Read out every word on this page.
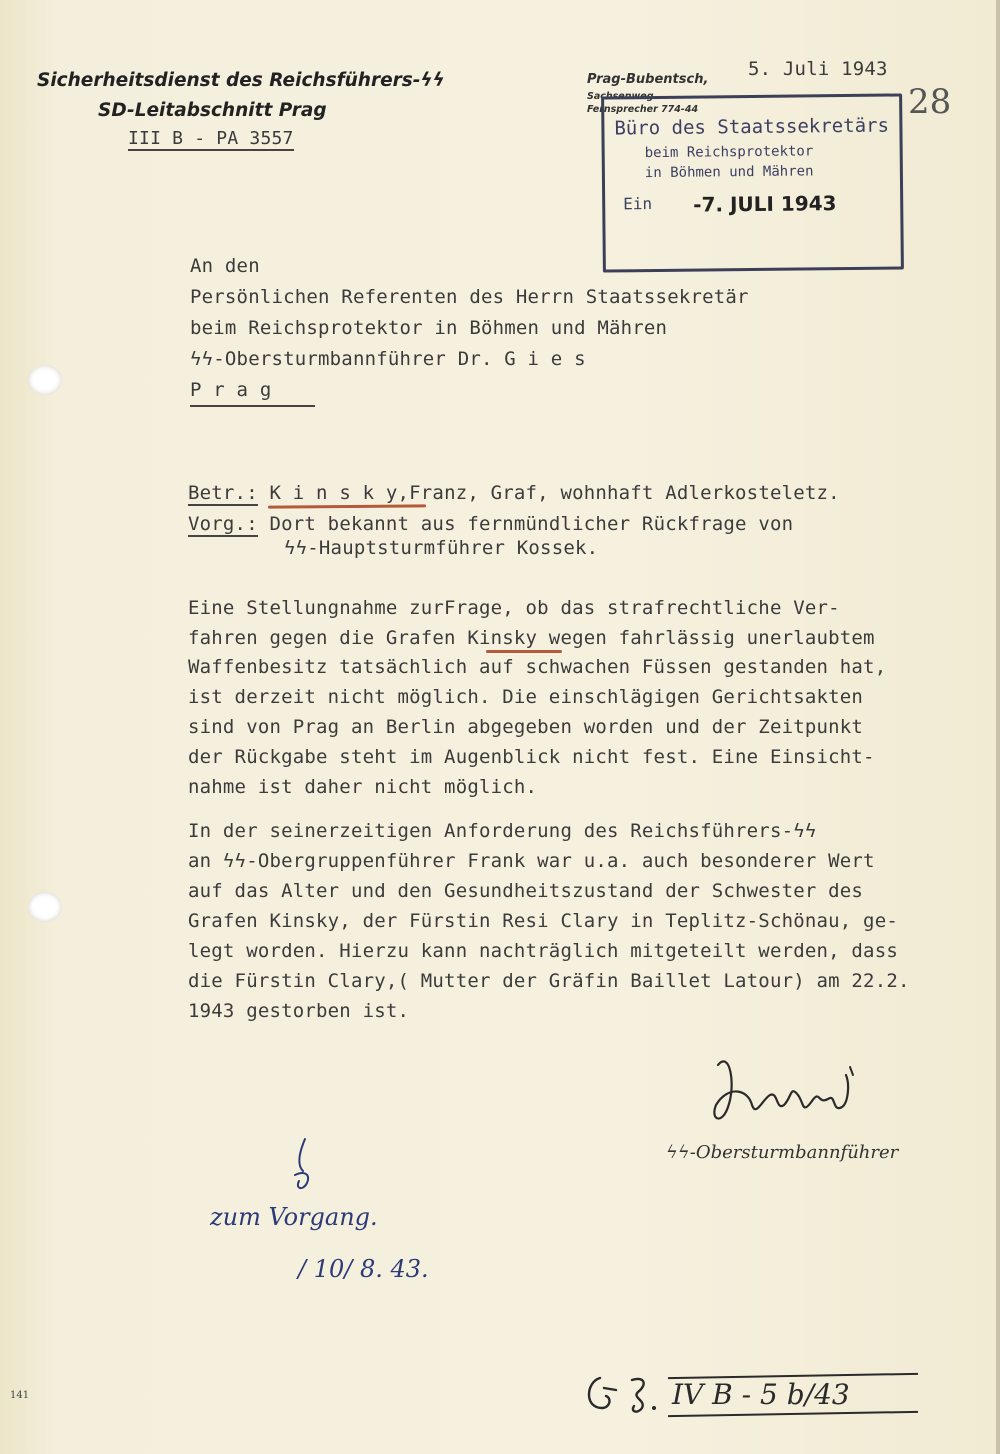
Sicherheitsdienst des Reichsführers-ϟϟ
SD-Leitabschnitt Prag
III B - PA 3557
Prag-Bubentsch,
Sachsenweg
Fernsprecher 774-44
5. Juli 1943
28
Büro des Staatssekretärs
beim Reichsprotektor
in Böhmen und Mähren
Ein -7. JULI 1943
An den
Persönlichen Referenten des Herrn Staatssekretär
beim Reichsprotektor in Böhmen und Mähren
ϟϟ-Obersturmbannführer Dr. G i e s
P r a g
Betr.: K i n s k y,Franz, Graf, wohnhaft Adlerkosteletz.
Vorg.: Dort bekannt aus fernmündlicher Rückfrage von
ϟϟ-Hauptsturmführer Kossek.
Eine Stellungnahme zurFrage, ob das strafrechtliche Ver-
fahren gegen die Grafen Kinsky wegen fahrlässig unerlaubtem
Waffenbesitz tatsächlich auf schwachen Füssen gestanden hat,
ist derzeit nicht möglich. Die einschlägigen Gerichtsakten
sind von Prag an Berlin abgegeben worden und der Zeitpunkt
der Rückgabe steht im Augenblick nicht fest. Eine Einsicht-
nahme ist daher nicht möglich.
In der seinerzeitigen Anforderung des Reichsführers-ϟϟ
an ϟϟ-Obergruppenführer Frank war u.a. auch besonderer Wert
auf das Alter und den Gesundheitszustand der Schwester des
Grafen Kinsky, der Fürstin Resi Clary in Teplitz-Schönau, ge-
legt worden. Hierzu kann nachträglich mitgeteilt werden, dass
die Fürstin Clary,( Mutter der Gräfin Baillet Latour) am 22.2.
1943 gestorben ist.
ϟϟ-Obersturmbannführer
zum Vorgang.
/ 10/ 8. 43.
IV B - 5 b/43
141
